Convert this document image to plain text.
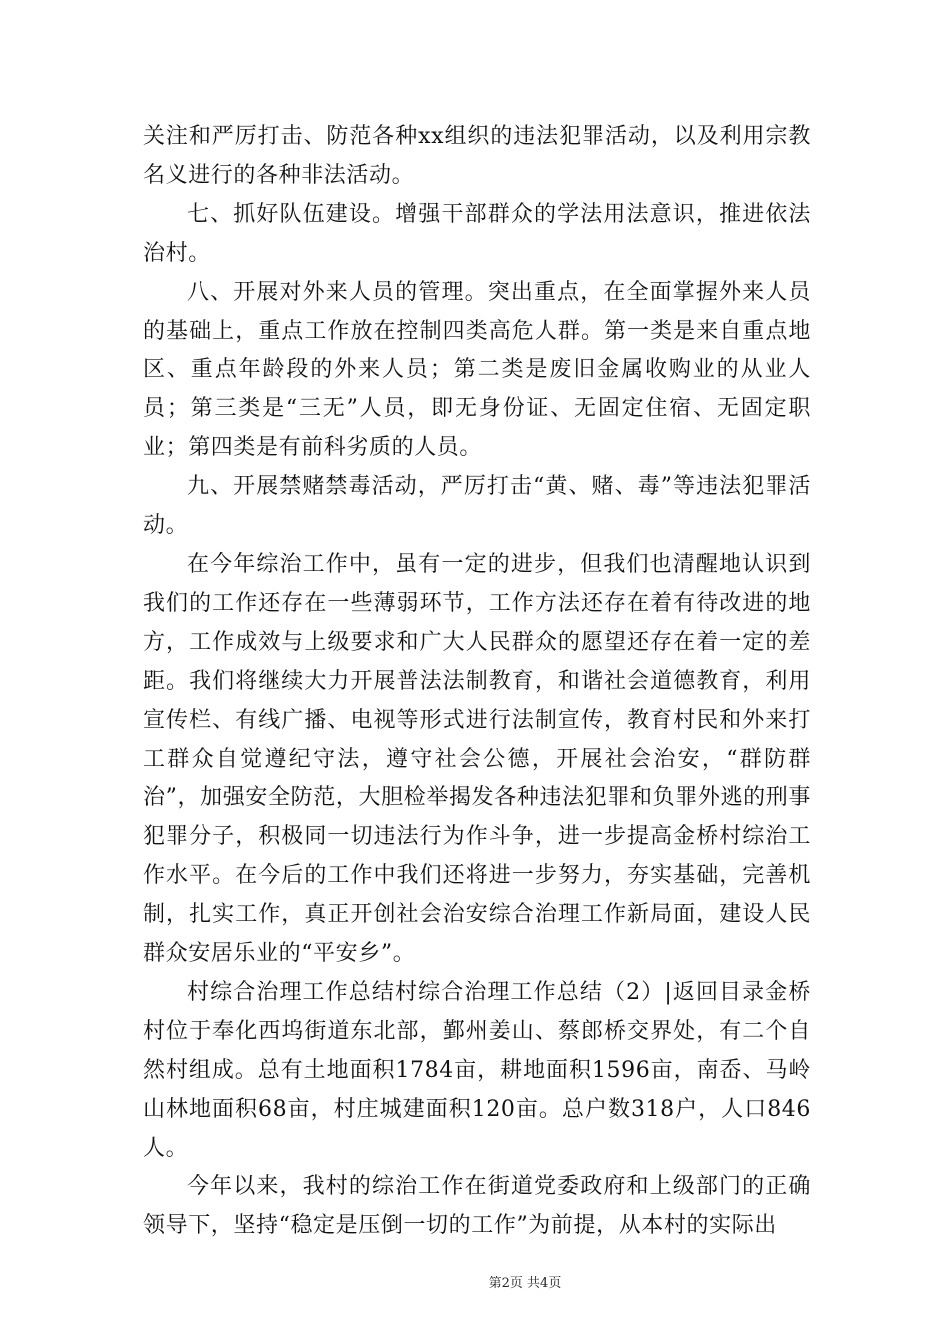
关注和严厉打击、防范各种xx组织的违法犯罪活动，以及利用宗教名义进行的各种非法活动。

七、抓好队伍建设。增强干部群众的学法用法意识，推进依法治村。

八、开展对外来人员的管理。突出重点，在全面掌握外来人员的基础上，重点工作放在控制四类高危人群。第一类是来自重点地区、重点年龄段的外来人员；第二类是废旧金属收购业的从业人员；第三类是“三无”人员，即无身份证、无固定住宿、无固定职业；第四类是有前科劣质的人员。

九、开展禁赌禁毒活动，严厉打击“黄、赌、毒”等违法犯罪活动。

在今年综治工作中，虽有一定的进步，但我们也清醒地认识到我们的工作还存在一些薄弱环节，工作方法还存在着有待改进的地方，工作成效与上级要求和广大人民群众的愿望还存在着一定的差距。我们将继续大力开展普法法制教育，和谐社会道德教育，利用宣传栏、有线广播、电视等形式进行法制宣传，教育村民和外来打工群众自觉遵纪守法，遵守社会公德，开展社会治安，“群防群治”，加强安全防范，大胆检举揭发各种违法犯罪和负罪外逃的刑事犯罪分子，积极同一切违法行为作斗争，进一步提高金桥村综治工作水平。在今后的工作中我们还将进一步努力，夯实基础，完善机制，扎实工作，真正开创社会治安综合治理工作新局面，建设人民群众安居乐业的“平安乡”。

村综合治理工作总结村综合治理工作总结（2）|返回目录金桥村位于奉化西坞街道东北部，鄞州姜山、蔡郎桥交界处，有二个自然村组成。总有土地面积1784亩，耕地面积1596亩，南岙、马岭山林地面积68亩，村庄城建面积120亩。总户数318户，人口846人。

今年以来，我村的综治工作在街道党委政府和上级部门的正确领导下，坚持“稳定是压倒一切的工作”为前提，从本村的实际出

第2页 共4页
